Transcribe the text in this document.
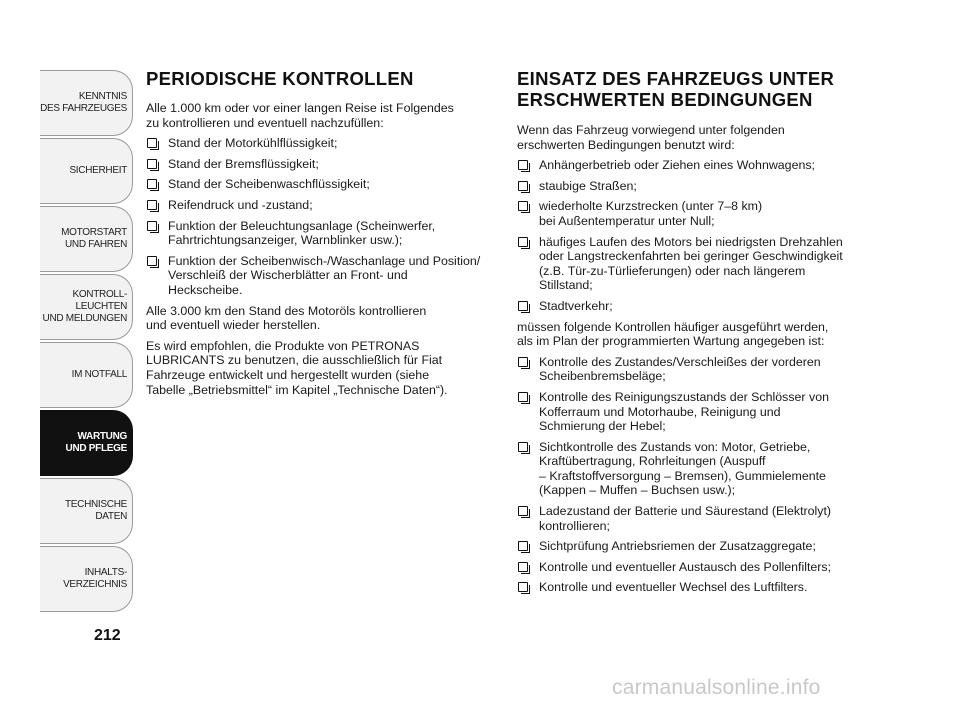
KENNTNIS
DES FAHRZEUGES
SICHERHEIT
MOTORSTART
UND FAHREN
KONTROLL-
LEUCHTEN
UND MELDUNGEN
IM NOTFALL
WARTUNG
UND PFLEGE
TECHNISCHE
DATEN
INHALTS-
VERZEICHNIS
212
PERIODISCHE KONTROLLEN

Alle 1.000 km oder vor einer langen Reise ist Folgendes
zu kontrollieren und eventuell nachzufüllen:

Stand der Motorkühlflüssigkeit;
Stand der Bremsflüssigkeit;
Stand der Scheibenwaschflüssigkeit;
Reifendruck und -zustand;
Funktion der Beleuchtungsanlage (Scheinwerfer,
Fahrtrichtungsanzeiger, Warnblinker usw.);
Funktion der Scheibenwisch-/Waschanlage und Position/
Verschleiß der Wischerblätter an Front- und
Heckscheibe.

Alle 3.000 km den Stand des Motoröls kontrollieren
und eventuell wieder herstellen.

Es wird empfohlen, die Produkte von PETRONAS
LUBRICANTS zu benutzen, die ausschließlich für Fiat
Fahrzeuge entwickelt und hergestellt wurden (siehe
Tabelle „Betriebsmittel“ im Kapitel „Technische Daten“).

EINSATZ DES FAHRZEUGS UNTER
ERSCHWERTEN BEDINGUNGEN

Wenn das Fahrzeug vorwiegend unter folgenden
erschwerten Bedingungen benutzt wird:

Anhängerbetrieb oder Ziehen eines Wohnwagens;
staubige Straßen;
wiederholte Kurzstrecken (unter 7–8 km)
bei Außentemperatur unter Null;
häufiges Laufen des Motors bei niedrigsten Drehzahlen
oder Langstreckenfahrten bei geringer Geschwindigkeit
(z.B. Tür-zu-Türlieferungen) oder nach längerem
Stillstand;
Stadtverkehr;

müssen folgende Kontrollen häufiger ausgeführt werden,
als im Plan der programmierten Wartung angegeben ist:

Kontrolle des Zustandes/Verschleißes der vorderen
Scheibenbremsbeläge;
Kontrolle des Reinigungszustands der Schlösser von
Kofferraum und Motorhaube, Reinigung und
Schmierung der Hebel;
Sichtkontrolle des Zustands von: Motor, Getriebe,
Kraftübertragung, Rohrleitungen (Auspuff
– Kraftstoffversorgung – Bremsen), Gummielemente
(Kappen – Muffen – Buchsen usw.);
Ladezustand der Batterie und Säurestand (Elektrolyt)
kontrollieren;
Sichtprüfung Antriebsriemen der Zusatzaggregate;
Kontrolle und eventueller Austausch des Pollenfilters;
Kontrolle und eventueller Wechsel des Luftfilters.
carmanualsonline.info
